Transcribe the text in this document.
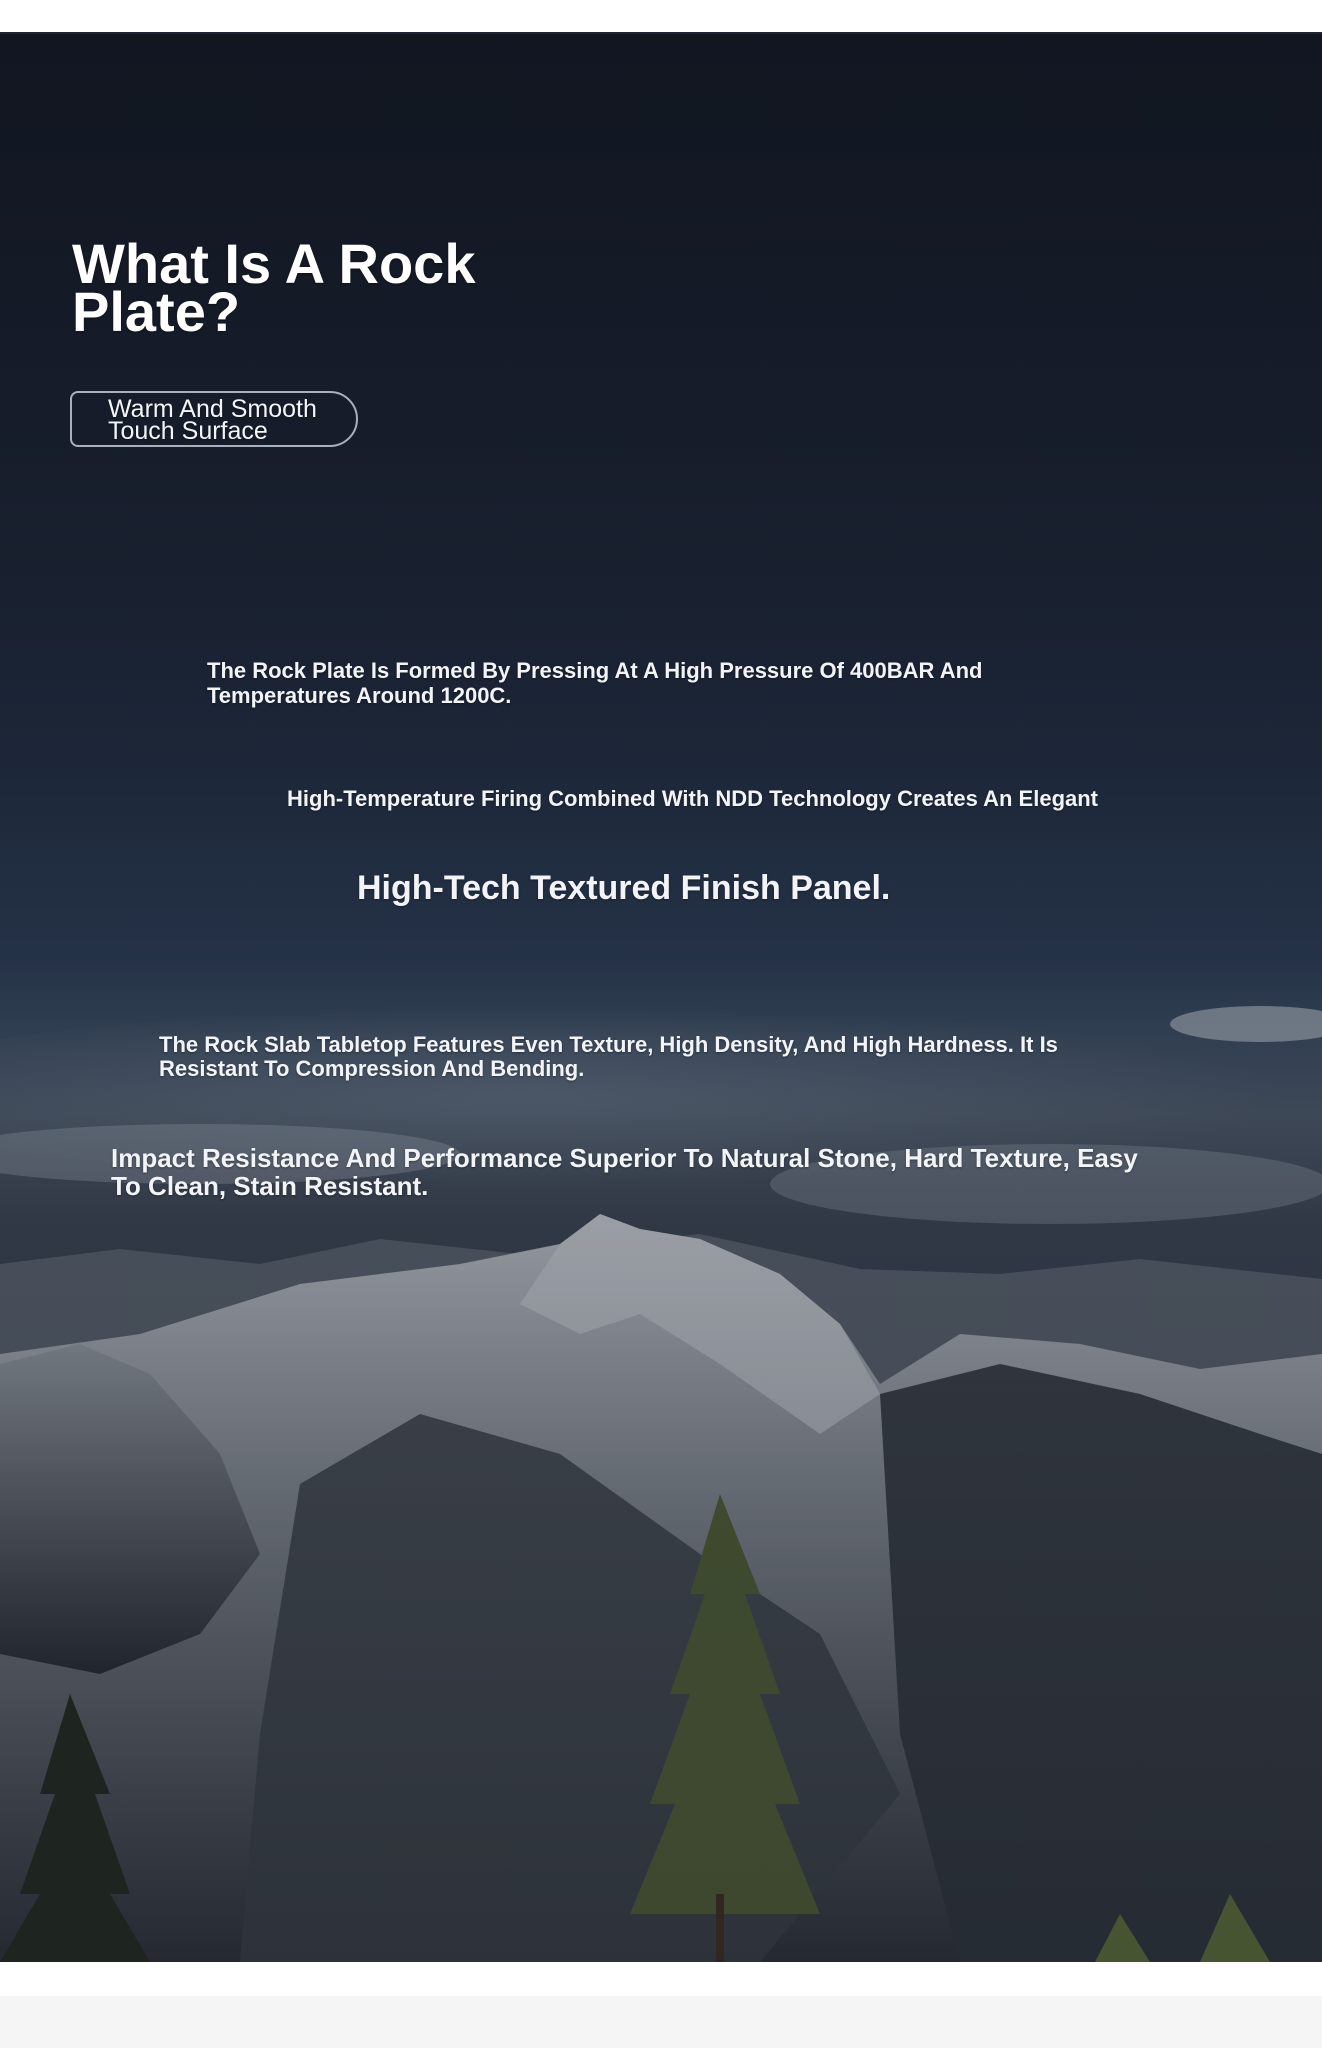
What Is A Rock Plate?
Warm And Smooth Touch Surface
The Rock Plate Is Formed By Pressing At A High Pressure Of 400BAR And Temperatures Around 1200C.
High-Temperature Firing Combined With NDD Technology Creates An Elegant
High-Tech Textured Finish Panel.
The Rock Slab Tabletop Features Even Texture, High Density, And High Hardness. It Is Resistant To Compression And Bending.
Impact Resistance And Performance Superior To Natural Stone, Hard Texture, Easy To Clean, Stain Resistant.
